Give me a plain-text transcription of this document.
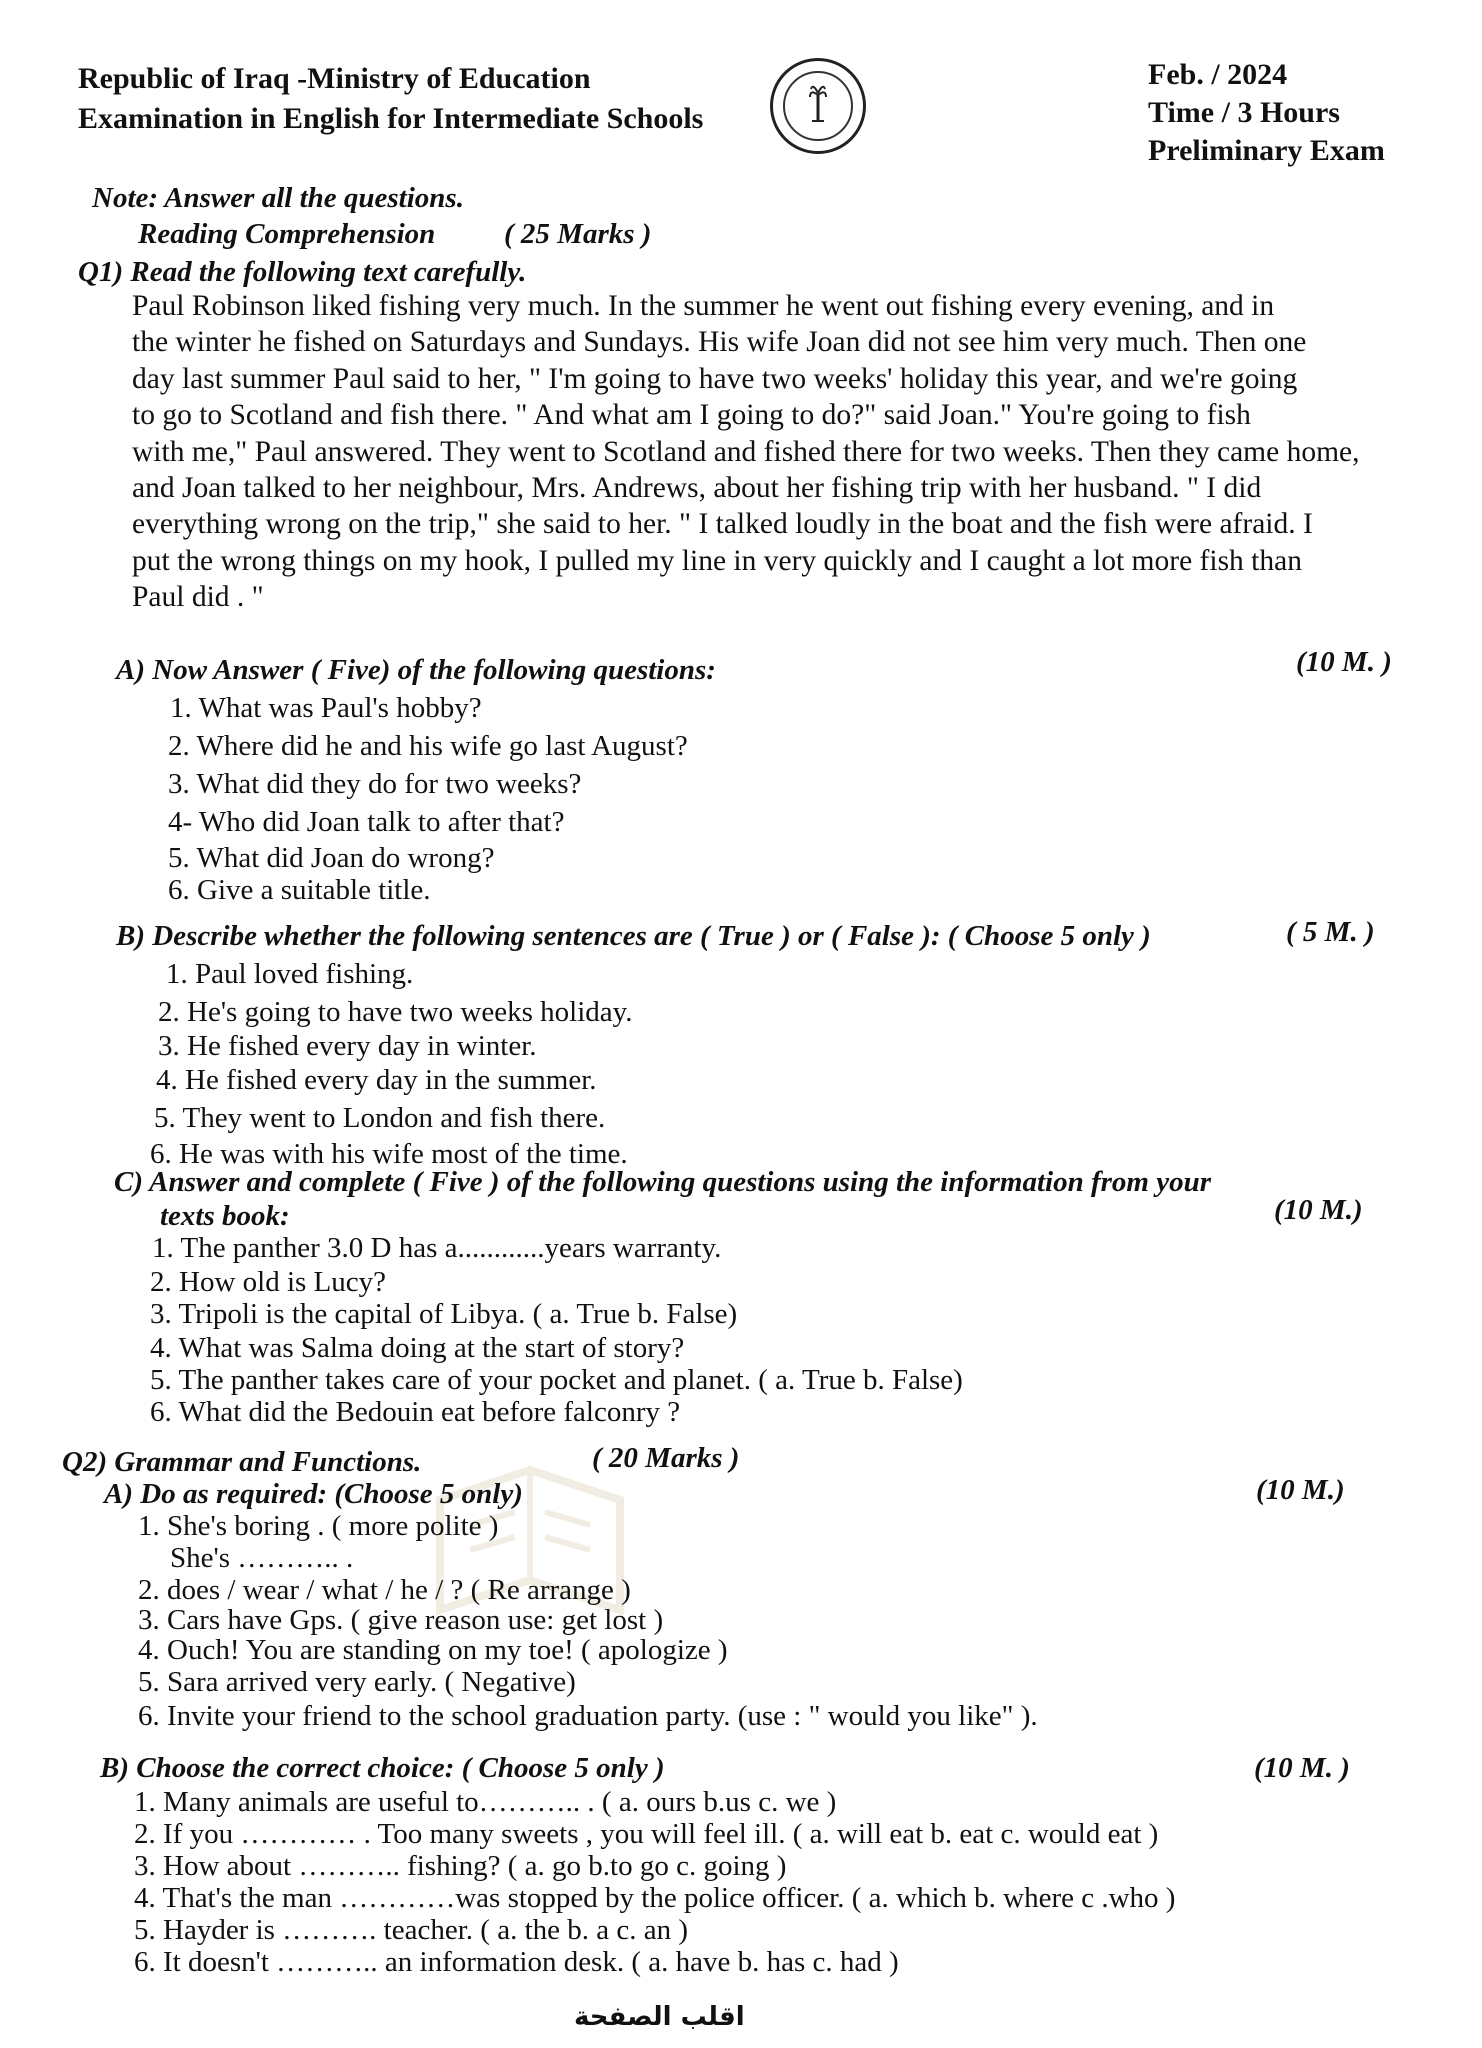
Republic of Iraq -Ministry of Education
Examination in English for Intermediate Schools
Feb. / 2024
Time / 3 Hours
Preliminary Exam
Note: Answer all the questions.
Reading Comprehension ( 25 Marks )
Q1) Read the following text carefully.
Paul Robinson liked fishing very much. In the summer he went out fishing every evening, and in
the winter he fished on Saturdays and Sundays. His wife Joan did not see him very much. Then one
day last summer Paul said to her, " I'm going to have two weeks' holiday this year, and we're going
to go to Scotland and fish there. " And what am I going to do?" said Joan." You're going to fish
with me," Paul answered. They went to Scotland and fished there for two weeks. Then they came home,
and Joan talked to her neighbour, Mrs. Andrews, about her fishing trip with her husband. " I did
everything wrong on the trip," she said to her. " I talked loudly in the boat and the fish were afraid. I
put the wrong things on my hook, I pulled my line in very quickly and I caught a lot more fish than
Paul did . "
A) Now Answer ( Five) of the following questions:	(10 M. )
1. What was Paul's hobby?
2. Where did he and his wife go last August?
3. What did they do for two weeks?
4- Who did Joan talk to after that?
5. What did Joan do wrong?
6. Give a suitable title.
B) Describe whether the following sentences are ( True ) or ( False ): ( Choose 5 only )	( 5 M. )
1. Paul loved fishing.
2. He's going to have two weeks holiday.
3. He fished every day in winter.
4. He fished every day in the summer.
5. They went to London and fish there.
6. He was with his wife most of the time.
C) Answer and complete ( Five ) of the following questions using the information from your
texts book:	(10 M.)
1. The panther 3.0 D has a............years warranty.
2. How old is Lucy?
3. Tripoli is the capital of Libya. ( a. True b. False)
4. What was Salma doing at the start of story?
5. The panther takes care of your pocket and planet. ( a. True b. False)
6. What did the Bedouin eat before falconry ?
Q2) Grammar and Functions.	( 20 Marks )
A) Do as required: (Choose 5 only)	(10 M.)
1. She's boring . ( more polite )
She's ……….. .
2. does / wear / what / he / ? ( Re arrange )
3. Cars have Gps. ( give reason use: get lost )
4. Ouch! You are standing on my toe! ( apologize )
5. Sara arrived very early. ( Negative)
6. Invite your friend to the school graduation party. (use : " would you like" ).
B) Choose the correct choice: ( Choose 5 only )	(10 M. )
1. Many animals are useful to……….. . ( a. ours b.us c. we )
2. If you ………… . Too many sweets , you will feel ill. ( a. will eat b. eat c. would eat )
3. How about ……….. fishing? ( a. go b.to go c. going )
4. That's the man …………was stopped by the police officer. ( a. which b. where c .who )
5. Hayder is ………. teacher. ( a. the b. a c. an )
6. It doesn't ……….. an information desk. ( a. have b. has c. had )
اقلب الصفحة
